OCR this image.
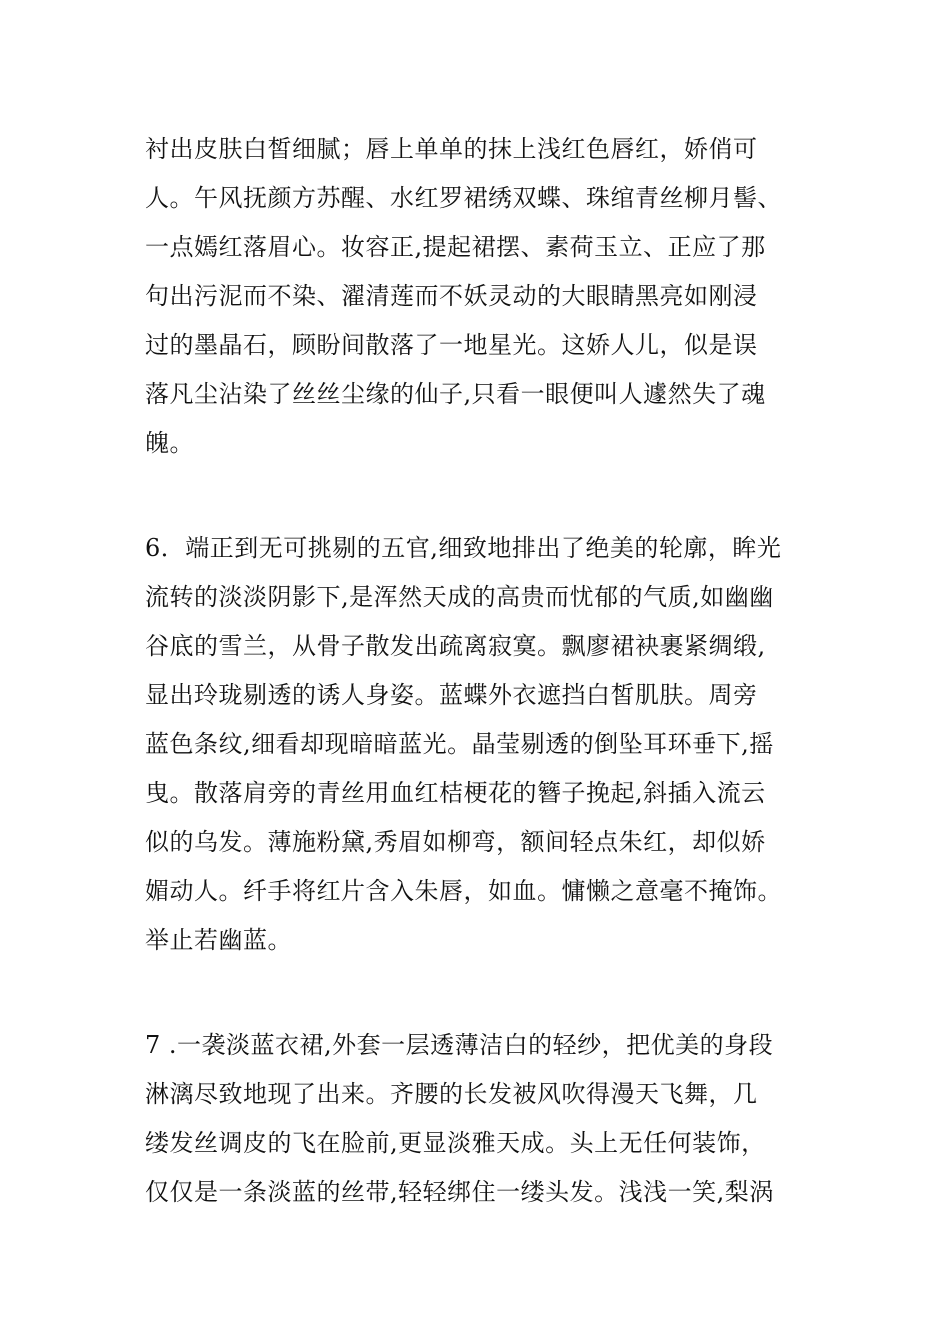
衬出皮肤白皙细腻；唇上单单的抹上浅红色唇红，娇俏可
人。午风抚颜方苏醒、水红罗裙绣双蝶、珠绾青丝柳月髻、
一点嫣红落眉心。妆容正,提起裙摆、素荷玉立、正应了那
句出污泥而不染、濯清莲而不妖灵动的大眼睛黑亮如刚浸
过的墨晶石，顾盼间散落了一地星光。这娇人儿，似是误
落凡尘沾染了丝丝尘缘的仙子,只看一眼便叫人遽然失了魂
魄。
6．端正到无可挑剔的五官,细致地排出了绝美的轮廓，眸光
流转的淡淡阴影下,是浑然天成的高贵而忧郁的气质,如幽幽
谷底的雪兰，从骨子散发出疏离寂寞。飘廖裙袂裹紧绸缎,
显出玲珑剔透的诱人身姿。蓝蝶外衣遮挡白皙肌肤。周旁
蓝色条纹,细看却现暗暗蓝光。晶莹剔透的倒坠耳环垂下,摇
曳。散落肩旁的青丝用血红桔梗花的簪子挽起,斜插入流云
似的乌发。薄施粉黛,秀眉如柳弯，额间轻点朱红，却似娇
媚动人。纤手将红片含入朱唇，如血。慵懒之意毫不掩饰。
举止若幽蓝。
7 .一袭淡蓝衣裙,外套一层透薄洁白的轻纱，把优美的身段
淋漓尽致地现了出来。齐腰的长发被风吹得漫天飞舞，几
缕发丝调皮的飞在脸前,更显淡雅天成。头上无任何装饰，
仅仅是一条淡蓝的丝带,轻轻绑住一缕头发。浅浅一笑,梨涡
